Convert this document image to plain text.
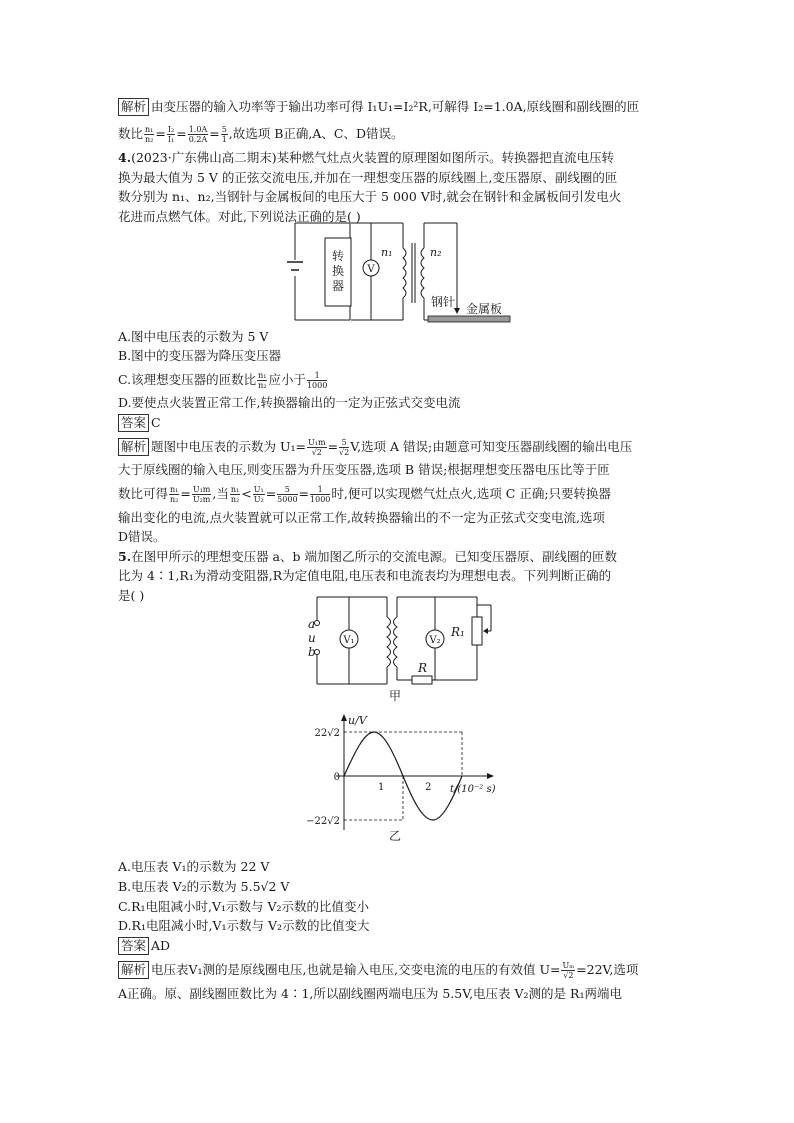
解析 由变压器的输入功率等于输出功率可得 I₁U₁=I₂²R,可解得 I₂=1.0A,原线圈和副线圈的匝
数比 $\frac{\text{n₁}}{\text{n₂}} = \frac{\text{I₂}}{\text{I₁}} = \frac{1.0A}{0.2A} = \frac{5}{1}$ ,故选项 B正确,A、C、D错误。
4.(2023·广东佛山高二期末)某种燃气灶点火装置的原理图如图所示。转换器把直流电压转
换为最大值为 5 V 的正弦交流电压,并加在一理想变压器的原线圈上,变压器原、副线圈的匝
数分别为 n₁、n₂,当钢针与金属板间的电压大于 5 000 V时,就会在钢针和金属板间引发电火
花进而点燃气体。对此,下列说法正确的是( )
转
换
器
V
n₁	n₂
钢针 金属板
A.图中电压表的示数为 5 V
B.图中的变压器为降压变压器
C.该理想变压器的匝数比 $\frac{\text{n₁}}{\text{n₂}}$ 应小于 $\frac{1}{1000}$
D.要使点火装置正常工作,转换器输出的一定为正弦式交变电流
答案 C
解析 题图中电压表的示数为 $U_1= \frac{\text{U₁m}}{√2} = \frac{5}{√2} V$,选项 A 错误;由题意可知变压器副线圈的输出电压
大于原线圈的输入电压,则变压器为升压变压器,选项 B 错误;根据理想变压器电压比等于匝
数比可得 $\frac{\text{n₁}}{\text{n₂}} = \frac{\text{U₁m}}{\text{U₂m}}$ ,当 $\frac{\text{n₁}}{\text{n₂}} < \frac{\text{U₁}}{\text{U₂}} = \frac{5}{5000} = \frac{1}{1000}$ 时,便可以实现燃气灶点火,选项 C 正确;只要转换器
输出变化的电流,点火装置就可以正常工作,故转换器输出的不一定为正弦式交变电流,选项
D错误。
5.在图甲所示的理想变压器 a、b 端加图乙所示的交流电源。已知变压器原、副线圈的匝数
比为 4∶1,R₁为滑动变阻器,R为定值电阻,电压表和电流表均为理想电表。下列判断正确的
是( )
a
u
b
V₁	V₂
R₁
R
甲
u/V
22√2
0
−22√2
1	2 t/(10⁻² s)
乙
A.电压表 V₁的示数为 22 V
B.电压表 V₂的示数为 5.5√2 V
C.R₁电阻减小时,V₁示数与 V₂示数的比值变小
D.R₁电阻减小时,V₁示数与 V₂示数的比值变大
答案 AD
解析 电压表V₁测的是原线圈电压,也就是输入电压,交变电流的电压的有效值 $U= \frac{\text{Uₘ}}{√2} =22V$,选项
A正确。原、副线圈匝数比为 4∶1,所以副线圈两端电压为 5.5V,电压表 V₂测的是 R₁两端电
